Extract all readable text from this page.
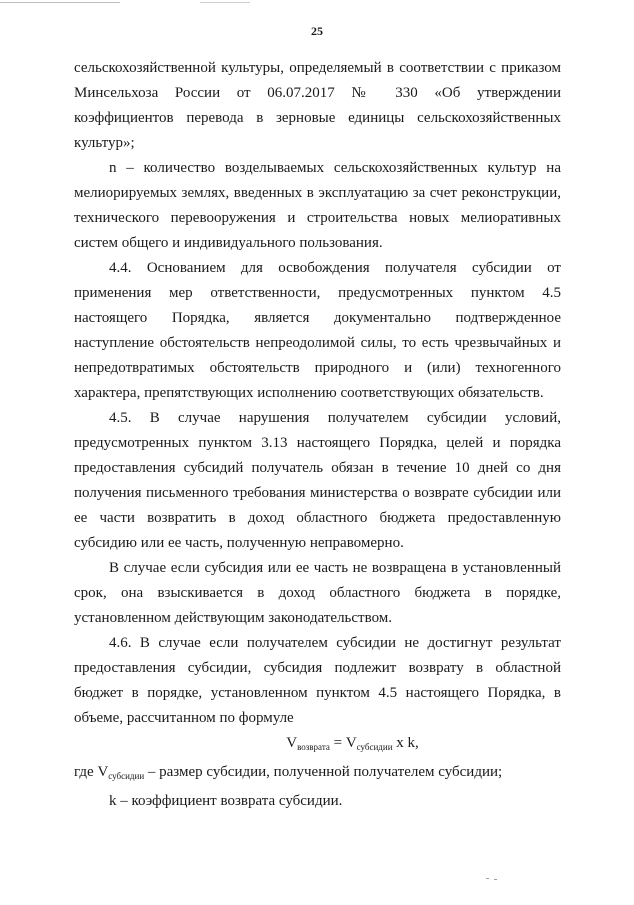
25

сельскохозяйственной культуры, определяемый в соответствии с приказом Минсельхоза России от 06.07.2017 № 330 «Об утверждении коэффициентов перевода в зерновые единицы сельскохозяйственных культур»;

n – количество возделываемых сельскохозяйственных культур на мелиорируемых землях, введенных в эксплуатацию за счет реконструкции, технического перевооружения и строительства новых мелиоративных систем общего и индивидуального пользования.

4.4. Основанием для освобождения получателя субсидии от применения мер ответственности, предусмотренных пунктом 4.5 настоящего Порядка, является документально подтвержденное наступление обстоятельств непреодолимой силы, то есть чрезвычайных и непредотвратимых обстоятельств природного и (или) техногенного характера, препятствующих исполнению соответствующих обязательств.

4.5. В случае нарушения получателем субсидии условий, предусмотренных пунктом 3.13 настоящего Порядка, целей и порядка предоставления субсидий получатель обязан в течение 10 дней со дня получения письменного требования министерства о возврате субсидии или ее части возвратить в доход областного бюджета предоставленную субсидию или ее часть, полученную неправомерно.

В случае если субсидия или ее часть не возвращена в установленный срок, она взыскивается в доход областного бюджета в порядке, установленном действующим законодательством.

4.6. В случае если получателем субсидии не достигнут результат предоставления субсидии, субсидия подлежит возврату в областной бюджет в порядке, установленном пунктом 4.5 настоящего Порядка, в объеме, рассчитанном по формуле

$V_{возврата} = V_{субсидии}$ x k,

где $V_{субсидии}$ – размер субсидии, полученной получателем субсидии;

k – коэффициент возврата субсидии.
